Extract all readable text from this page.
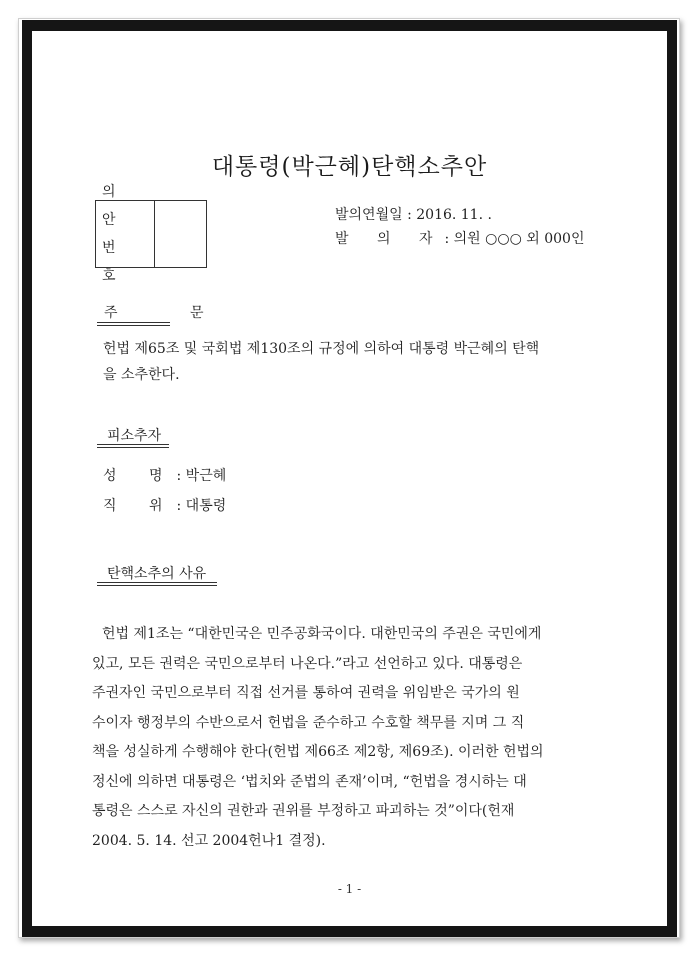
대통령(박근혜)탄핵소추안
의 안
번 호
발의연월일 : 2016. 11. .
발 의 자: 의원 ○○○ 외 000인
주 문
헌법 제65조 및 국회법 제130조의 규정에 의하여 대통령 박근혜의 탄핵
을 소추한다.
피소추자
성 명: 박근혜
직 위: 대통령
탄핵소추의 사유
헌법 제1조는 “대한민국은 민주공화국이다. 대한민국의 주권은 국민에게
있고, 모든 권력은 국민으로부터 나온다.”라고 선언하고 있다. 대통령은
주권자인 국민으로부터 직접 선거를 통하여 권력을 위임받은 국가의 원
수이자 행정부의 수반으로서 헌법을 준수하고 수호할 책무를 지며 그 직
책을 성실하게 수행해야 한다(헌법 제66조 제2항, 제69조). 이러한 헌법의
정신에 의하면 대통령은 ‘법치와 준법의 존재’이며, “헌법을 경시하는 대
통령은 스스로 자신의 권한과 권위를 부정하고 파괴하는 것”이다(헌재
2004. 5. 14. 선고 2004헌나1 결정).
- 1 -
